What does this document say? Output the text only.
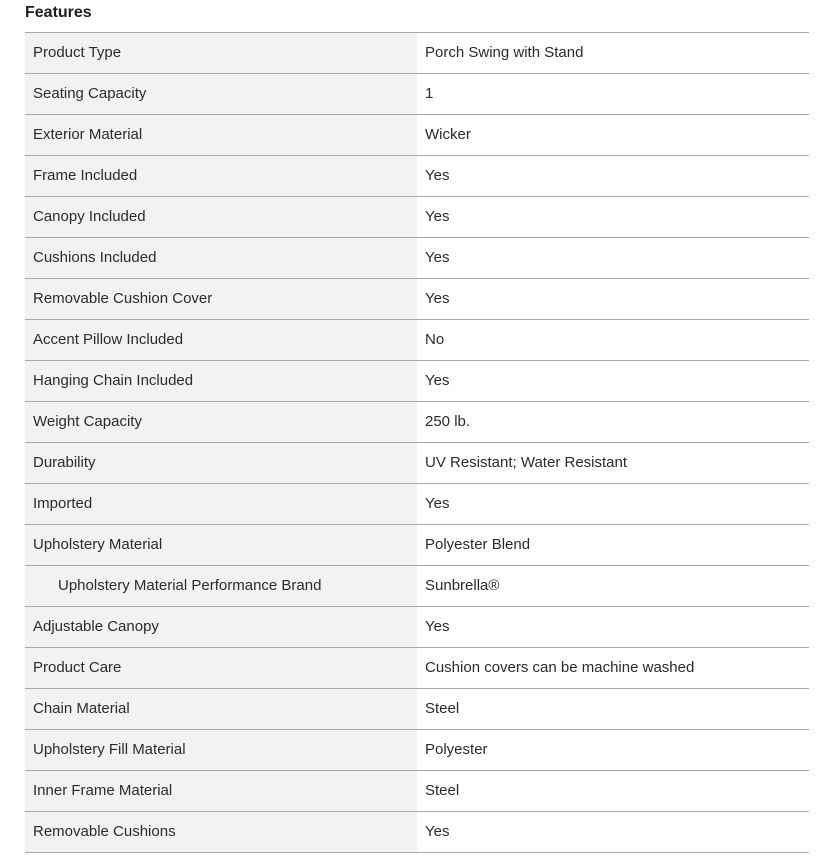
Features
Product Type	Porch Swing with Stand
Seating Capacity	1
Exterior Material	Wicker
Frame Included	Yes
Canopy Included	Yes
Cushions Included	Yes
Removable Cushion Cover	Yes
Accent Pillow Included	No
Hanging Chain Included	Yes
Weight Capacity	250 lb.
Durability	UV Resistant; Water Resistant
Imported	Yes
Upholstery Material	Polyester Blend
Upholstery Material Performance Brand	Sunbrella®
Adjustable Canopy	Yes
Product Care	Cushion covers can be machine washed
Chain Material	Steel
Upholstery Fill Material	Polyester
Inner Frame Material	Steel
Removable Cushions	Yes
